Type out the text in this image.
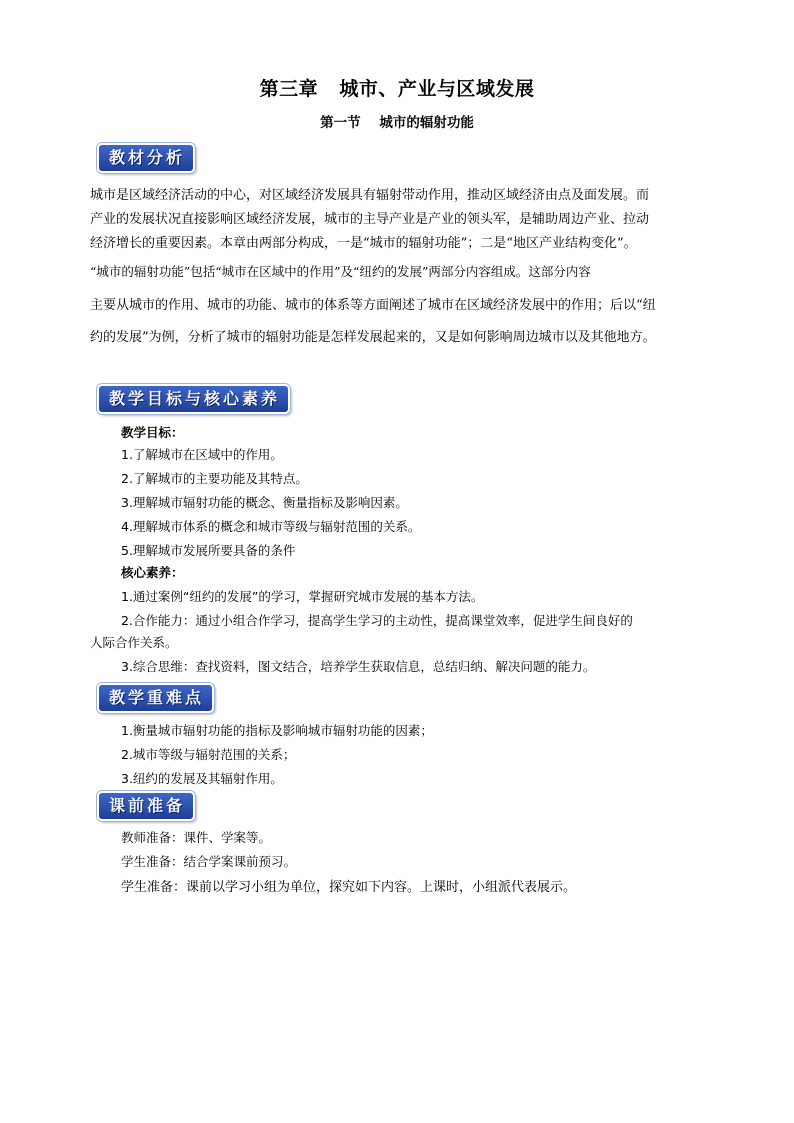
第三章   城市、产业与区域发展
第一节    城市的辐射功能
教材分析
城市是区域经济活动的中心，对区域经济发展具有辐射带动作用，推动区域经济由点及面发展。而
产业的发展状况直接影响区域经济发展，城市的主导产业是产业的领头军，是辅助周边产业、拉动
经济增长的重要因素。本章由两部分构成，一是“城市的辐射功能”；二是“地区产业结构变化”。
“城市的辐射功能”包括“城市在区域中的作用”及“纽约的发展”两部分内容组成。这部分内容
主要从城市的作用、城市的功能、城市的体系等方面阐述了城市在区域经济发展中的作用；后以“纽
约的发展”为例，分析了城市的辐射功能是怎样发展起来的，又是如何影响周边城市以及其他地方。
教学目标与核心素养
教学目标：
1.了解城市在区域中的作用。
2.了解城市的主要功能及其特点。
3.理解城市辐射功能的概念、衡量指标及影响因素。
4.理解城市体系的概念和城市等级与辐射范围的关系。
5.理解城市发展所要具备的条件
核心素养：
1.通过案例“纽约的发展”的学习，掌握研究城市发展的基本方法。
2.合作能力：通过小组合作学习，提高学生学习的主动性，提高课堂效率，促进学生间良好的
人际合作关系。
3.综合思维：查找资料，图文结合，培养学生获取信息，总结归纳、解决问题的能力。
教学重难点
1.衡量城市辐射功能的指标及影响城市辐射功能的因素；
2.城市等级与辐射范围的关系；
3.纽约的发展及其辐射作用。
课前准备
教师准备：课件、学案等。
学生准备：结合学案课前预习。
学生准备：课前以学习小组为单位，探究如下内容。上课时，小组派代表展示。
